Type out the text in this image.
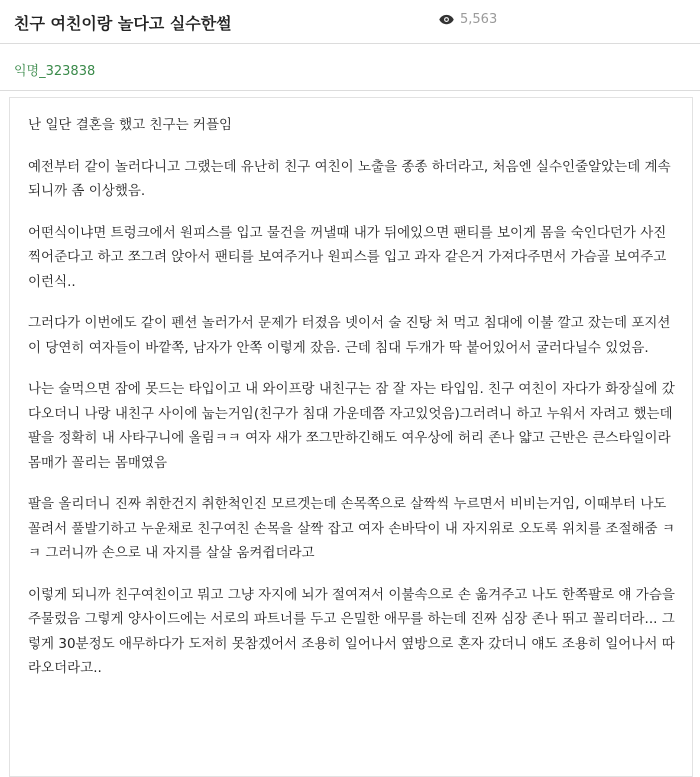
친구 여친이랑 놀다고 실수한썰	5,563
익명_323838

난 일단 결혼을 했고 친구는 커플임

예전부터 같이 놀러다니고 그랬는데 유난히 친구 여친이 노출을 종종 하더라고, 처음엔 실수인줄알았는데 계속되니까 좀 이상했음.

어떤식이냐면 트렁크에서 원피스를 입고 물건을 꺼낼때 내가 뒤에있으면 팬티를 보이게 몸을 숙인다던가 사진찍어준다고 하고 쪼그려 앉아서 팬티를 보여주거나 원피스를 입고 과자 같은거 가져다주면서 가슴골 보여주고 이런식..

그러다가 이번에도 같이 펜션 놀러가서 문제가 터졌음 넷이서 술 진탕 처 먹고 침대에 이불 깔고 잤는데 포지션이 당연히 여자들이 바깥쪽, 남자가 안쪽 이렇게 잤음. 근데 침대 두개가 딱 붙어있어서 굴러다닐수 있었음.

나는 술먹으면 잠에 못드는 타입이고 내 와이프랑 내친구는 잠 잘 자는 타입임. 친구 여친이 자다가 화장실에 갔다오더니 나랑 내친구 사이에 눕는거임(친구가 침대 가운데쯤 자고있엇음)그러려니 하고 누워서 자려고 했는데 팔을 정확히 내 사타구니에 올림ㅋㅋ 여자 새가 쪼그만하긴해도 여우상에 허리 존나 얇고 근반은 큰스타일이라 몸매가 꼴리는 몸매였음

팔을 올리더니 진짜 취한건지 취한척인진 모르겟는데 손목쪽으로 살짝씩 누르면서 비비는거임, 이때부터 나도 꼴려서 풀발기하고 누운채로 친구여친 손목을 살짝 잡고 여자 손바닥이 내 자지위로 오도록 위치를 조절해줌 ㅋㅋ 그러니까 손으로 내 자지를 살살 움켜쥡더라고

이렇게 되니까 친구여친이고 뭐고 그냥 자지에 뇌가 절여져서 이불속으로 손 옮겨주고 나도 한쪽팔로 얘 가슴을 주물렀음 그렇게 양사이드에는 서로의 파트너를 두고 은밀한 애무를 하는데 진짜 심장 존나 뛰고 꼴리더라... 그렇게 30분정도 애무하다가 도저히 못참겠어서 조용히 일어나서 옆방으로 혼자 갔더니 얘도 조용히 일어나서 따라오더라고..
